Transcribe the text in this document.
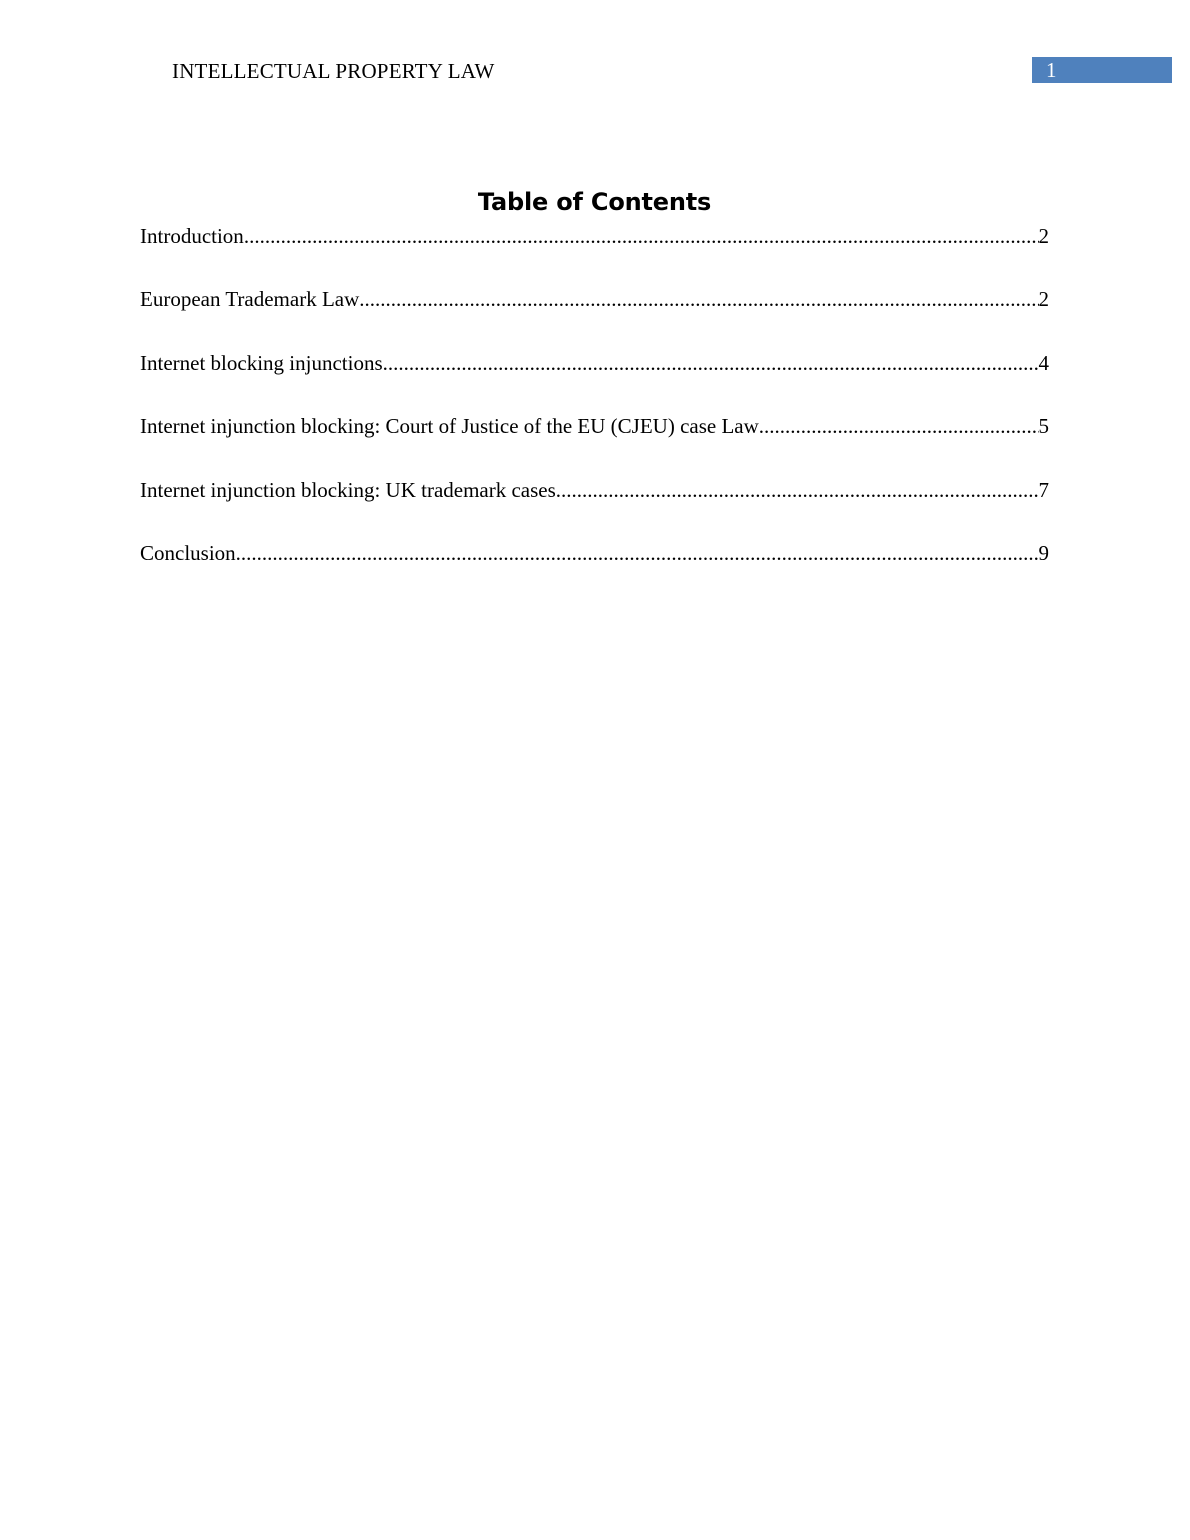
INTELLECTUAL PROPERTY LAW	1
Table of Contents
Introduction .....	2
European Trademark Law .....	2
Internet blocking injunctions .....	4
Internet injunction blocking: Court of Justice of the EU (CJEU) case Law .....	5
Internet injunction blocking: UK trademark cases .....	7
Conclusion .....	9
